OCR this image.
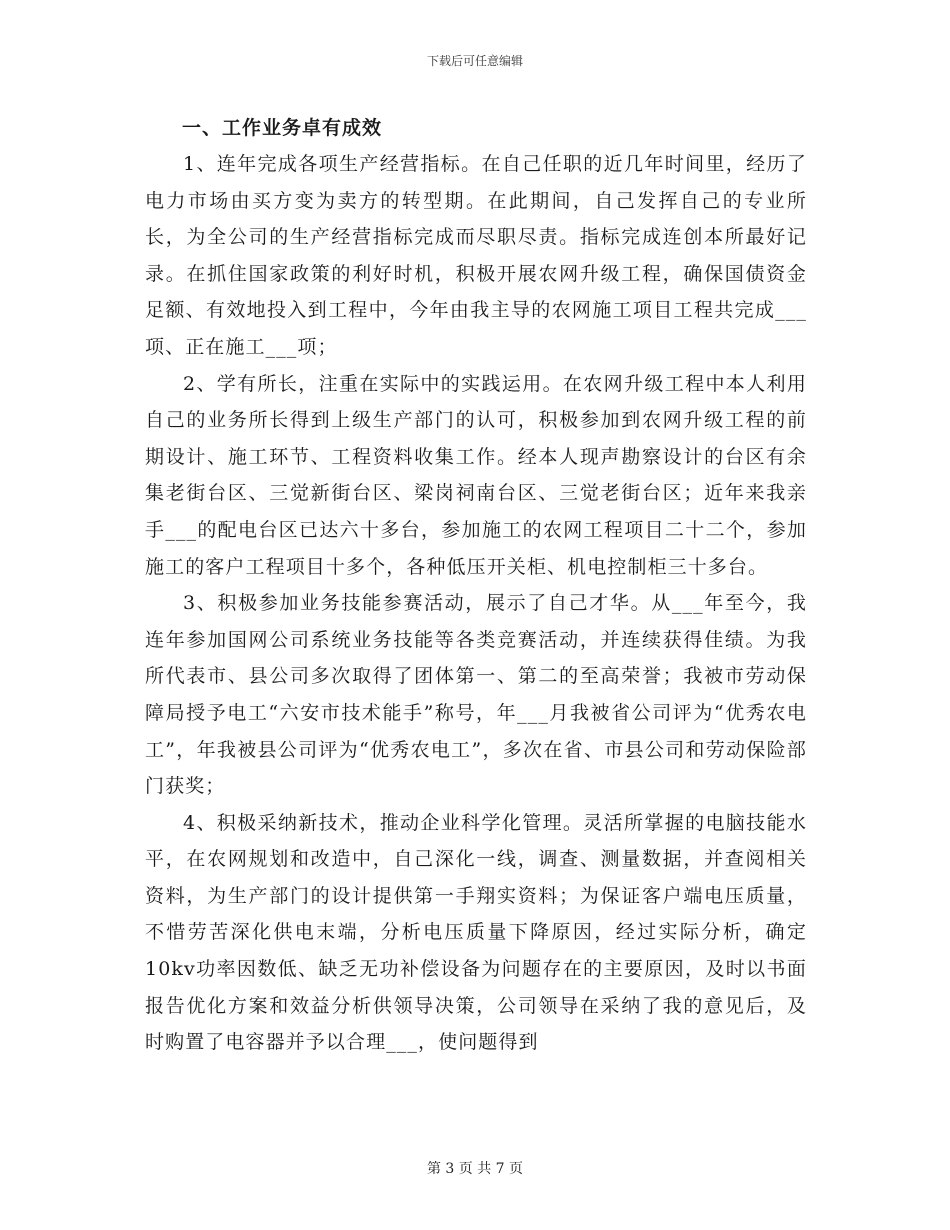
下载后可任意编辑

一、工作业务卓有成效

1、连年完成各项生产经营指标。在自己任职的近几年时间里，经历了电力市场由买方变为卖方的转型期。在此期间，自己发挥自己的专业所长，为全公司的生产经营指标完成而尽职尽责。指标完成连创本所最好记录。在抓住国家政策的利好时机，积极开展农网升级工程，确保国债资金足额、有效地投入到工程中，今年由我主导的农网施工项目工程共完成___项、正在施工___项；

2、学有所长，注重在实际中的实践运用。在农网升级工程中本人利用自己的业务所长得到上级生产部门的认可，积极参加到农网升级工程的前期设计、施工环节、工程资料收集工作。经本人现声勘察设计的台区有余集老街台区、三觉新街台区、梁岗祠南台区、三觉老街台区；近年来我亲手___的配电台区已达六十多台，参加施工的农网工程项目二十二个，参加施工的客户工程项目十多个，各种低压开关柜、机电控制柜三十多台。

3、积极参加业务技能参赛活动，展示了自己才华。从___年至今，我连年参加国网公司系统业务技能等各类竞赛活动，并连续获得佳绩。为我所代表市、县公司多次取得了团体第一、第二的至高荣誉；我被市劳动保障局授予电工“六安市技术能手”称号，年___月我被省公司评为“优秀农电工”，年我被县公司评为“优秀农电工”，多次在省、市县公司和劳动保险部门获奖；

4、积极采纳新技术，推动企业科学化管理。灵活所掌握的电脑技能水平，在农网规划和改造中，自己深化一线，调查、测量数据，并查阅相关资料，为生产部门的设计提供第一手翔实资料；为保证客户端电压质量，不惜劳苦深化供电末端，分析电压质量下降原因，经过实际分析，确定10kv功率因数低、缺乏无功补偿设备为问题存在的主要原因，及时以书面报告优化方案和效益分析供领导决策，公司领导在采纳了我的意见后，及时购置了电容器并予以合理___，使问题得到

第 3 页 共 7 页
